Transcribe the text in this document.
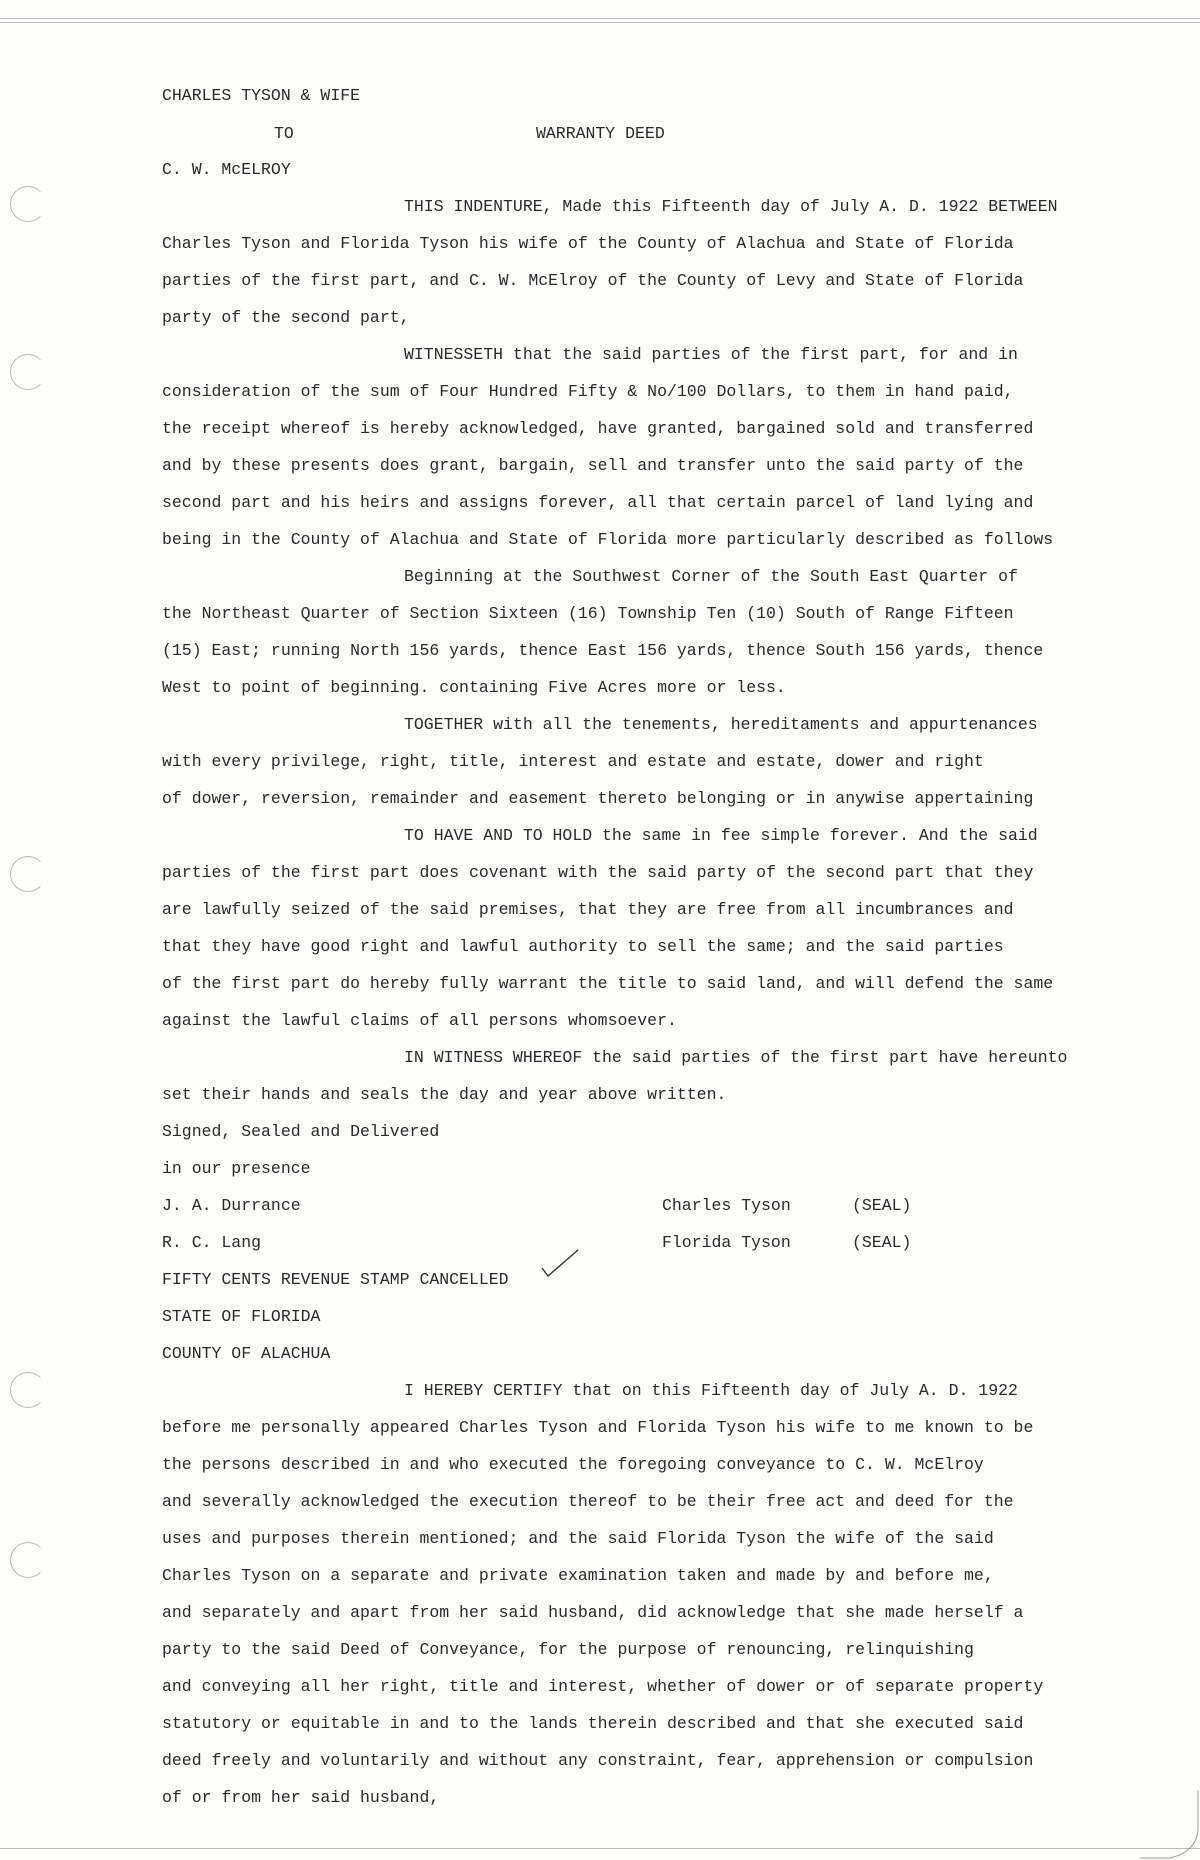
CHARLES TYSON & WIFE
TO	WARRANTY DEED
C. W. McELROY
THIS INDENTURE, Made this Fifteenth day of July A. D. 1922 BETWEEN
Charles Tyson and Florida Tyson his wife of the County of Alachua and State of Florida
parties of the first part, and C. W. McElroy of the County of Levy and State of Florida
party of the second part,
WITNESSETH that the said parties of the first part, for and in
consideration of the sum of Four Hundred Fifty & No/100 Dollars, to them in hand paid,
the receipt whereof is hereby acknowledged, have granted, bargained sold and transferred
and by these presents does grant, bargain, sell and transfer unto the said party of the
second part and his heirs and assigns forever, all that certain parcel of land lying and
being in the County of Alachua and State of Florida more particularly described as follows
Beginning at the Southwest Corner of the South East Quarter of
the Northeast Quarter of Section Sixteen (16) Township Ten (10) South of Range Fifteen
(15) East; running North 156 yards, thence East 156 yards, thence South 156 yards, thence
West to point of beginning. containing Five Acres more or less.
TOGETHER with all the tenements, hereditaments and appurtenances
with every privilege, right, title, interest and estate and estate, dower and right
of dower, reversion, remainder and easement thereto belonging or in anywise appertaining
TO HAVE AND TO HOLD the same in fee simple forever. And the said
parties of the first part does covenant with the said party of the second part that they
are lawfully seized of the said premises, that they are free from all incumbrances and
that they have good right and lawful authority to sell the same; and the said parties
of the first part do hereby fully warrant the title to said land, and will defend the same
against the lawful claims of all persons whomsoever.
IN WITNESS WHEREOF the said parties of the first part have hereunto
set their hands and seals the day and year above written.
Signed, Sealed and Delivered
in our presence
J. A. Durrance	Charles Tyson	(SEAL)
R. C. Lang	Florida Tyson	(SEAL)
FIFTY CENTS REVENUE STAMP CANCELLED
STATE OF FLORIDA
COUNTY OF ALACHUA
I HEREBY CERTIFY that on this Fifteenth day of July A. D. 1922
before me personally appeared Charles Tyson and Florida Tyson his wife to me known to be
the persons described in and who executed the foregoing conveyance to C. W. McElroy
and severally acknowledged the execution thereof to be their free act and deed for the
uses and purposes therein mentioned; and the said Florida Tyson the wife of the said
Charles Tyson on a separate and private examination taken and made by and before me,
and separately and apart from her said husband, did acknowledge that she made herself a
party to the said Deed of Conveyance, for the purpose of renouncing, relinquishing
and conveying all her right, title and interest, whether of dower or of separate property
statutory or equitable in and to the lands therein described and that she executed said
deed freely and voluntarily and without any constraint, fear, apprehension or compulsion
of or from her said husband,
